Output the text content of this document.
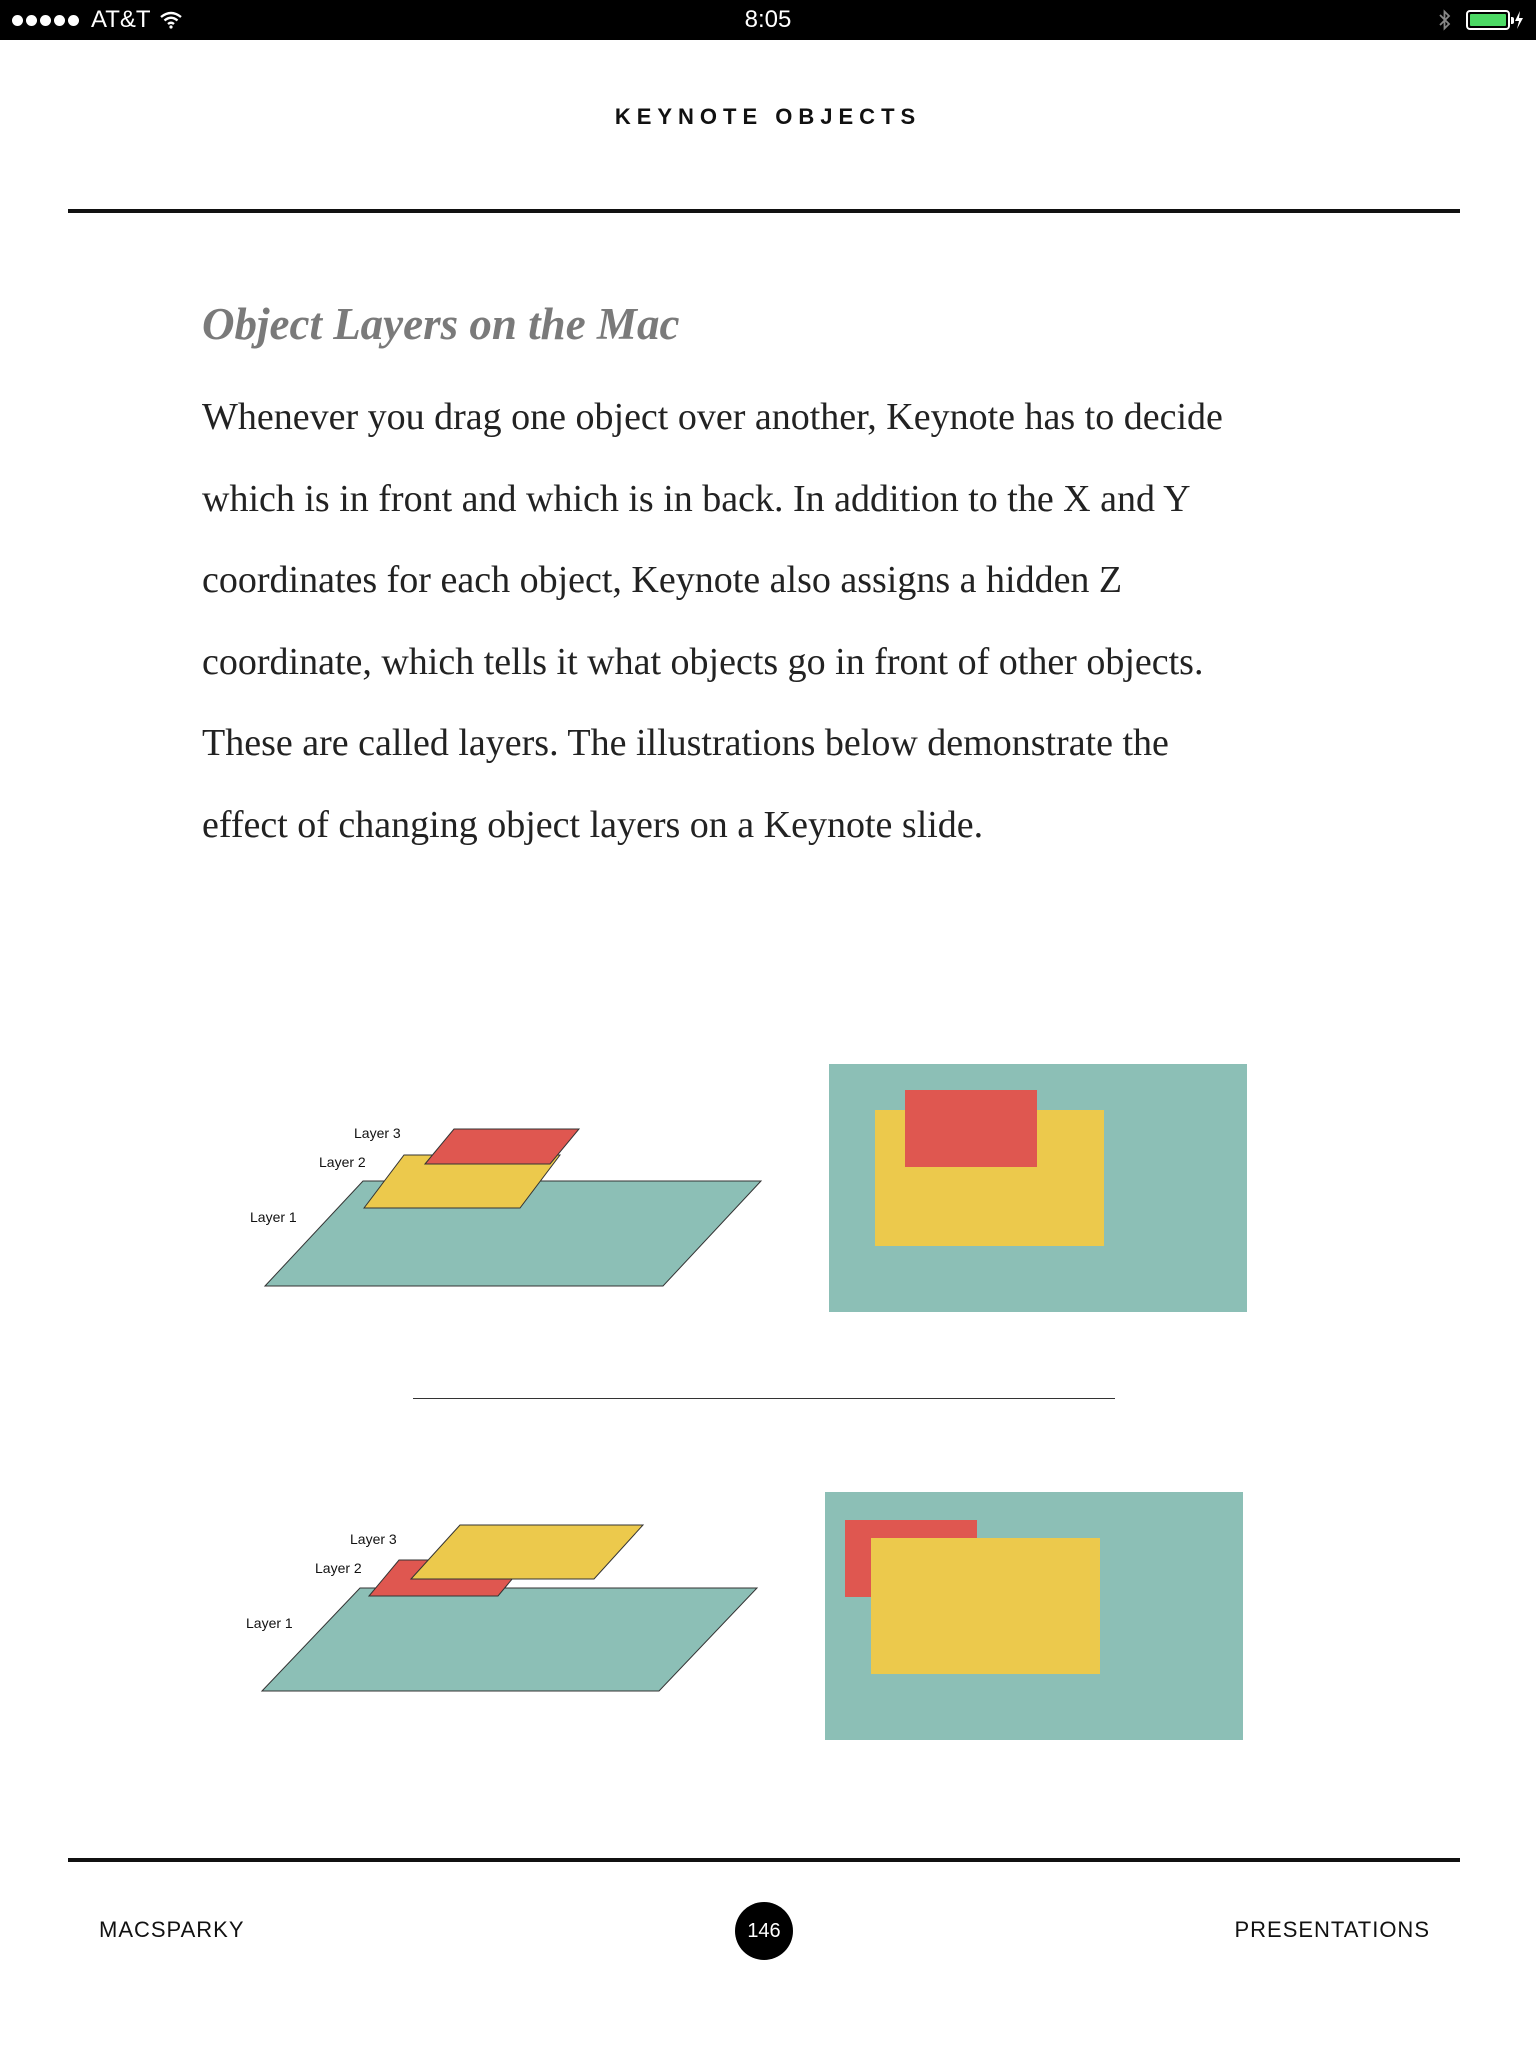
AT&T	8:05
KEYNOTE OBJECTS
Object Layers on the Mac
Whenever you drag one object over another, Keynote has to decide
which is in front and which is in back. In addition to the X and Y
coordinates for each object, Keynote also assigns a hidden Z
coordinate, which tells it what objects go in front of other objects.
These are called layers. The illustrations below demonstrate the
effect of changing object layers on a Keynote slide.
Layer 3
Layer 2
Layer 1
Layer 3
Layer 2
Layer 1
MACSPARKY	146	PRESENTATIONS
